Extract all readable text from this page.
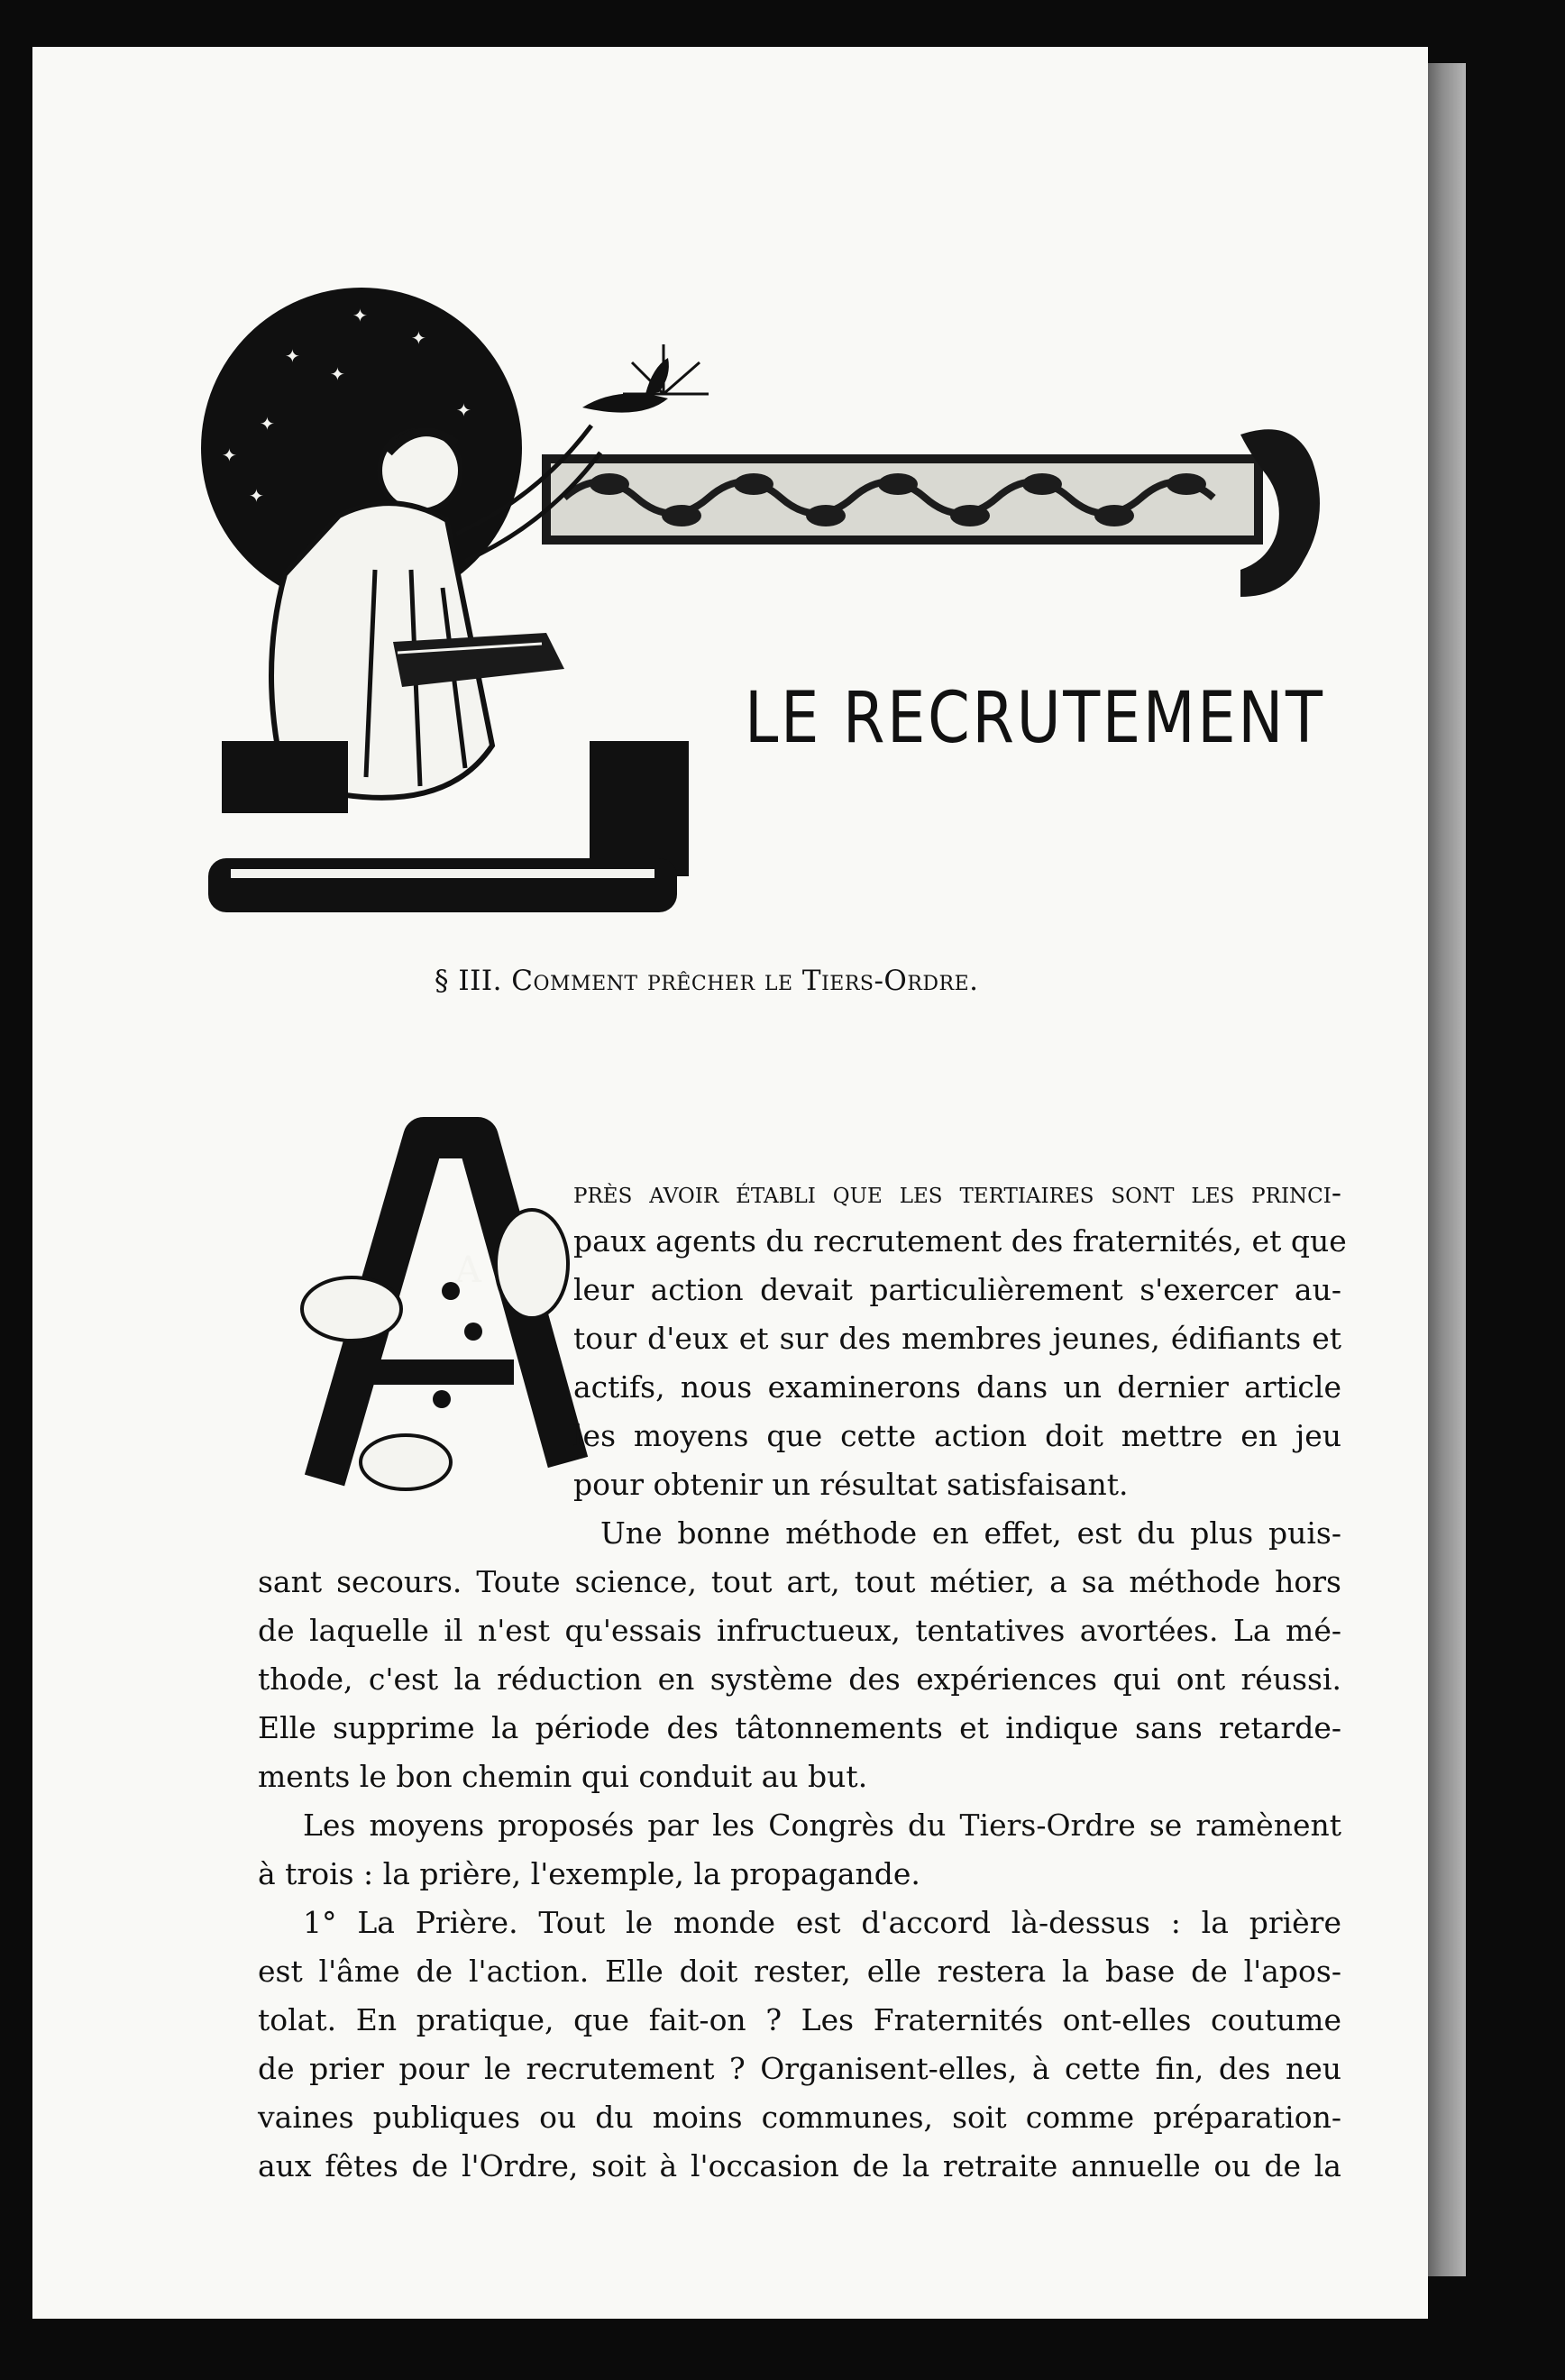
✦
✦
✦
✦
✦
✦
✦
✦
LE RECRUTEMENT
§ III. Comment prêcher le Tiers-Ordre.
A
près avoir établi que les tertiaires sont les princi-
paux agents du recrutement des fraternités, et que
leur action devait particulièrement s'exercer au-
tour d'eux et sur des membres jeunes, édifiants et
actifs, nous examinerons dans un dernier article
les moyens que cette action doit mettre en jeu
pour obtenir un résultat satisfaisant.
Une bonne méthode en effet, est du plus puis-
sant secours. Toute science, tout art, tout métier, a sa méthode hors
de laquelle il n'est qu'essais infructueux, tentatives avortées. La mé-
thode, c'est la réduction en système des expériences qui ont réussi.
Elle supprime la période des tâtonnements et indique sans retarde-
ments le bon chemin qui conduit au but.
Les moyens proposés par les Congrès du Tiers-Ordre se ramènent
à trois : la prière, l'exemple, la propagande.
1° La Prière. Tout le monde est d'accord là-dessus : la prière
est l'âme de l'action. Elle doit rester, elle restera la base de l'apos-
tolat. En pratique, que fait-on ? Les Fraternités ont-elles coutume
de prier pour le recrutement ? Organisent-elles, à cette fin, des neu
vaines publiques ou du moins communes, soit comme préparation-
aux fêtes de l'Ordre, soit à l'occasion de la retraite annuelle ou de la
